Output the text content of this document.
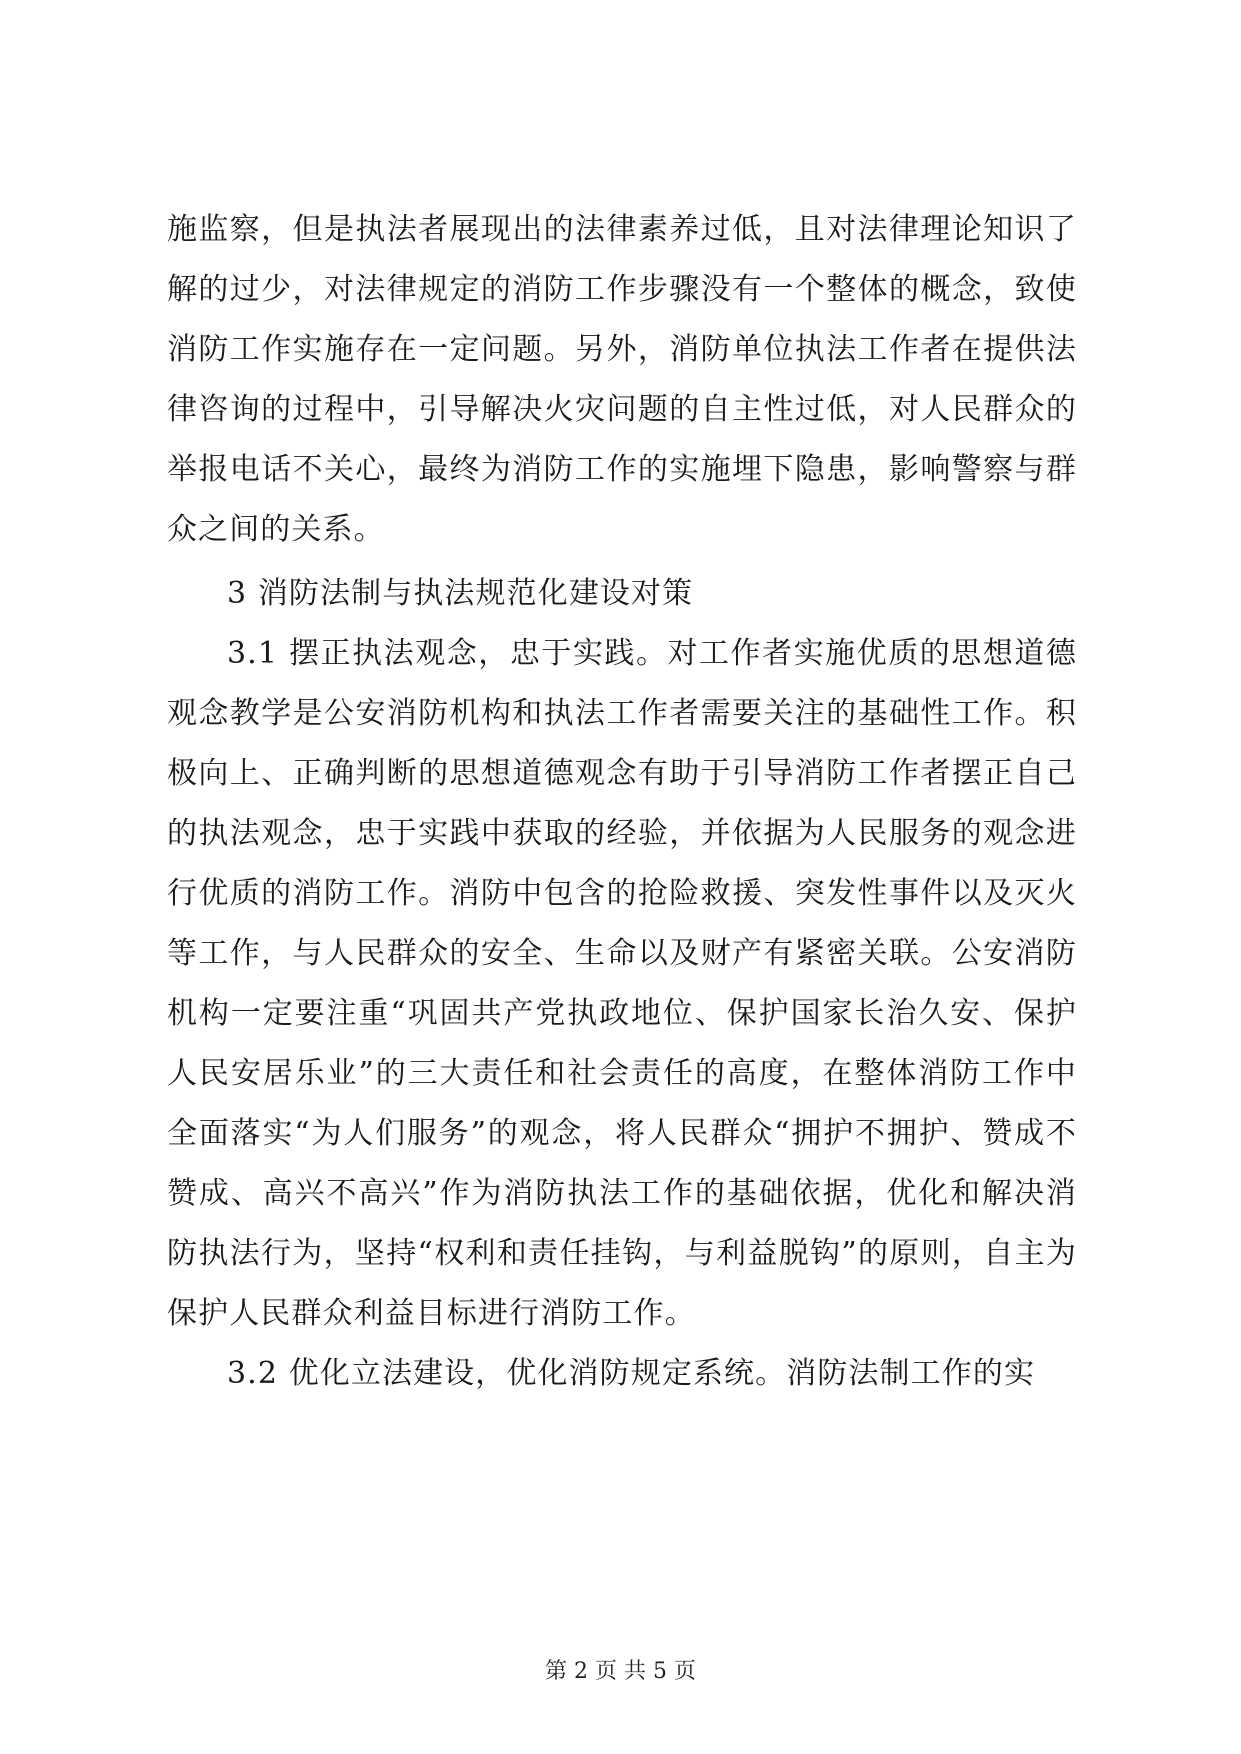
施监察，但是执法者展现出的法律素养过低，且对法律理论知识了解的过少，对法律规定的消防工作步骤没有一个整体的概念，致使消防工作实施存在一定问题。另外，消防单位执法工作者在提供法律咨询的过程中，引导解决火灾问题的自主性过低，对人民群众的举报电话不关心，最终为消防工作的实施埋下隐患，影响警察与群众之间的关系。

3 消防法制与执法规范化建设对策

3.1 摆正执法观念，忠于实践。对工作者实施优质的思想道德观念教学是公安消防机构和执法工作者需要关注的基础性工作。积极向上、正确判断的思想道德观念有助于引导消防工作者摆正自己的执法观念，忠于实践中获取的经验，并依据为人民服务的观念进行优质的消防工作。消防中包含的抢险救援、突发性事件以及灭火等工作，与人民群众的安全、生命以及财产有紧密关联。公安消防机构一定要注重“巩固共产党执政地位、保护国家长治久安、保护人民安居乐业”的三大责任和社会责任的高度，在整体消防工作中全面落实“为人们服务”的观念，将人民群众“拥护不拥护、赞成不赞成、高兴不高兴”作为消防执法工作的基础依据，优化和解决消防执法行为，坚持“权利和责任挂钩，与利益脱钩”的原则，自主为保护人民群众利益目标进行消防工作。

3.2 优化立法建设，优化消防规定系统。消防法制工作的实

第 2 页 共 5 页
